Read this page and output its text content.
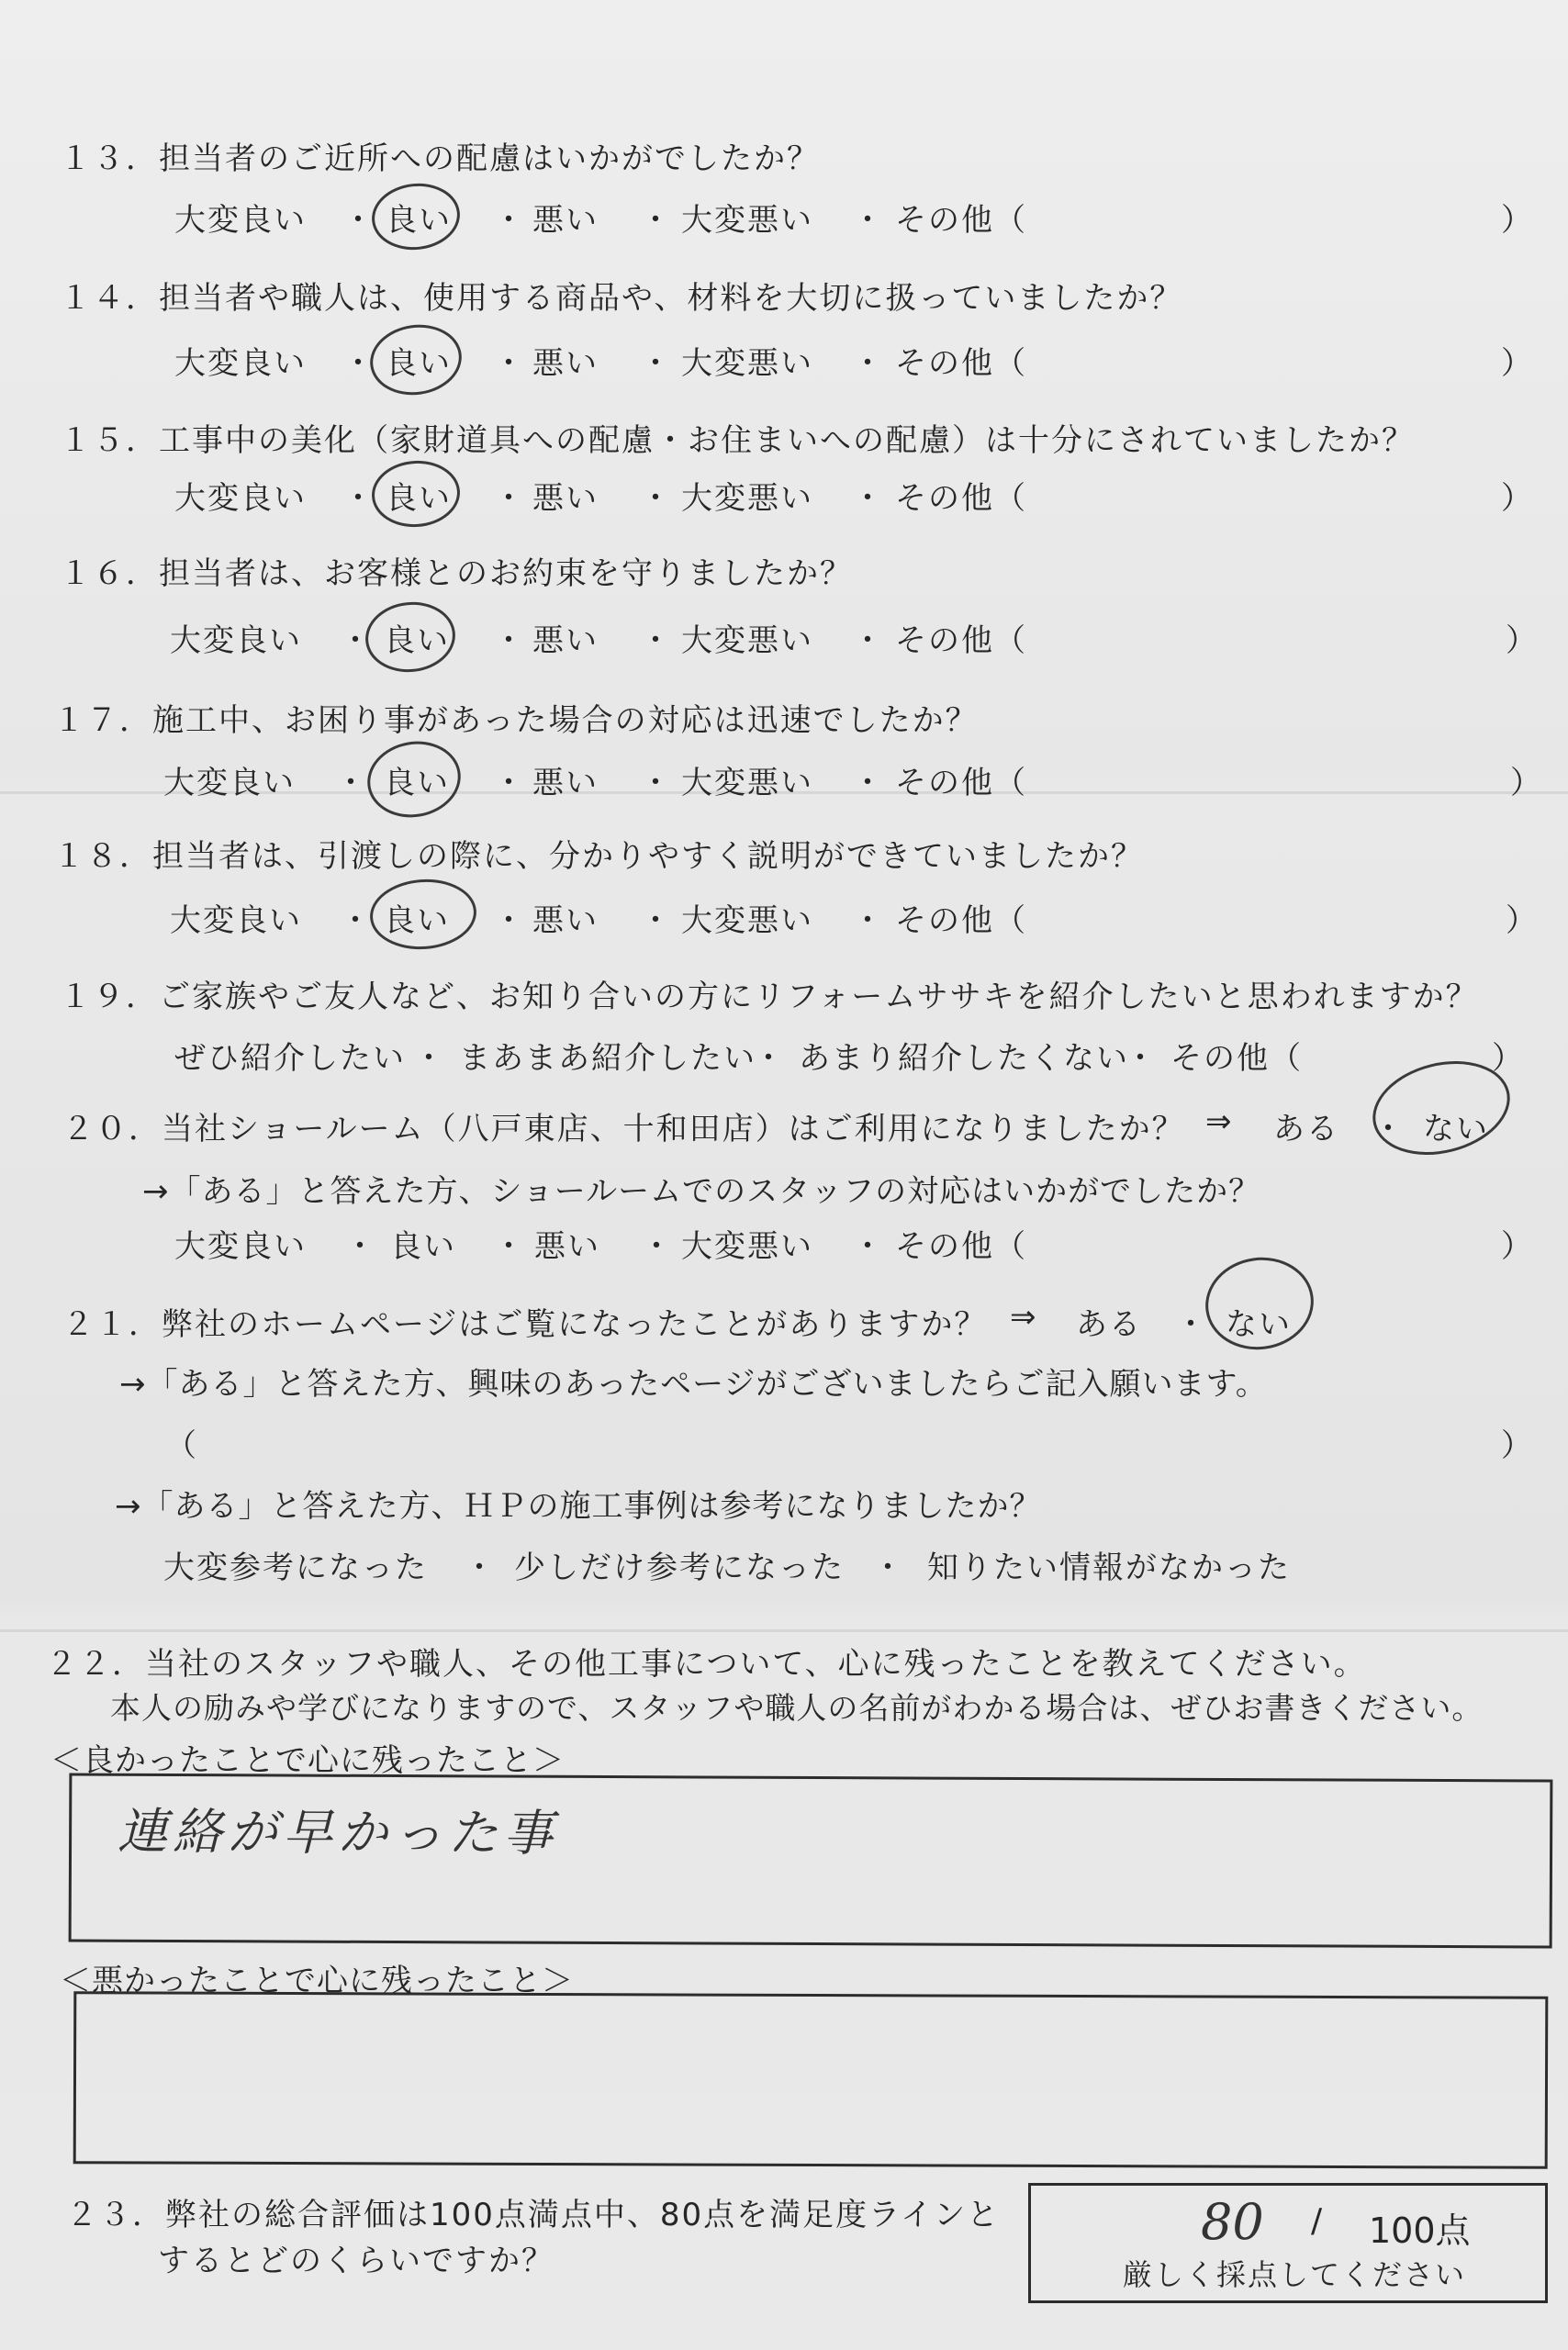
１３．担当者のご近所への配慮はいかがでしたか？
大変良い ・ 良い ・ 悪い ・ 大変悪い ・ その他（	）
１４．担当者や職人は、使用する商品や、材料を大切に扱っていましたか？
大変良い ・ 良い ・ 悪い ・ 大変悪い ・ その他（	）
１５．工事中の美化（家財道具への配慮・お住まいへの配慮）は十分にされていましたか？
大変良い ・ 良い ・ 悪い ・ 大変悪い ・ その他（	）
１６．担当者は、お客様とのお約束を守りましたか？
大変良い ・ 良い ・ 悪い ・ 大変悪い ・ その他（	）
１７．施工中、お困り事があった場合の対応は迅速でしたか？
大変良い ・ 良い ・ 悪い ・ 大変悪い ・ その他（	）
１８．担当者は、引渡しの際に、分かりやすく説明ができていましたか？
大変良い ・ 良い ・ 悪い ・ 大変悪い ・ その他（	）
１９．ご家族やご友人など、お知り合いの方にリフォームササキを紹介したいと思われますか？
ぜひ紹介したい ・ まあまあ紹介したい
・ あまり紹介したくない
・ その他（	）
２０．当社ショールーム（八戸東店、十和田店）はご利用になりましたか？ ⇒ ある ・ ない
→「ある」と答えた方、ショールームでのスタッフの対応はいかがでしたか？
大変良い ・ 良い ・ 悪い ・ 大変悪い ・ その他（	）
２１．弊社のホームページはご覧になったことがありますか？ ⇒ ある ・ ない
→「ある」と答えた方、興味のあったページがございましたらご記入願います。
（	）
→「ある」と答えた方、ＨＰの施工事例は参考になりましたか？
大変参考になった ・ 少しだけ参考になった ・ 知りたい情報がなかった
２２．当社のスタッフや職人、その他工事について、心に残ったことを教えてください。
本人の励みや学びになりますので、スタッフや職人の名前がわかる場合は、ぜひお書きください。
＜良かったことで心に残ったこと＞
連絡が早かった事
＜悪かったことで心に残ったこと＞
２３．弊社の総合評価は100点満点中、80点を満足度ラインと
するとどのくらいですか？
80 / 100点
厳しく採点してください
